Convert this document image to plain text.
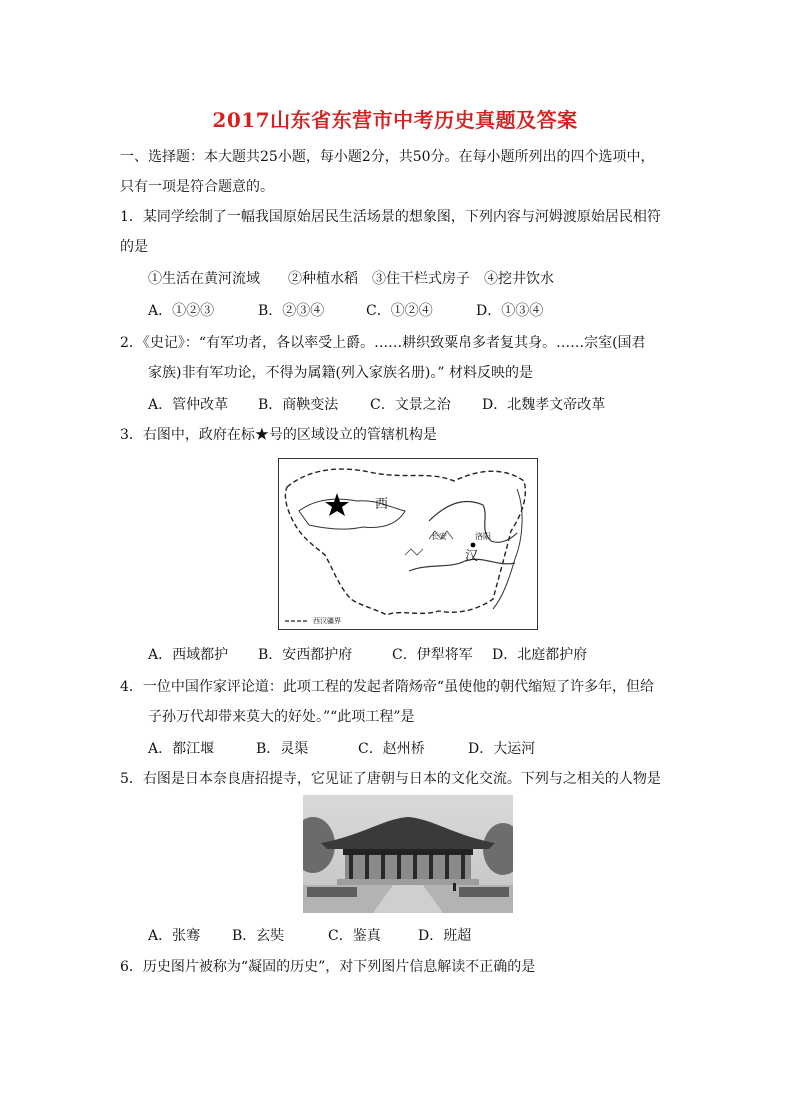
2017山东省东营市中考历史真题及答案
一、选择题：本大题共25小题，每小题2分，共50分。在每小题所列出的四个选项中，
只有一项是符合题意的。
1．某同学绘制了一幅我国原始居民生活场景的想象图，下列内容与河姆渡原始居民相符
的是
①生活在黄河流域　　②种植水稻　③住干栏式房子　④挖井饮水
A．①②③	B．②③④	C．①②④	D．①③④
2．《史记》：“有军功者，各以率受上爵。……耕织致粟帛多者复其身。……宗室(国君
家族)非有军功论，不得为属籍(列入家族名册)。” 材料反映的是
A．管仲改革 B．商鞅变法 C．文景之治 D．北魏孝文帝改革
3．右图中，政府在标★号的区域设立的管辖机构是
西
汉
长安	洛阳
西汉疆界
A．西域都护 B．安西都护府	C．伊犁将军 D．北庭都护府
4．一位中国作家评论道：此项工程的发起者隋炀帝“虽使他的朝代缩短了许多年，但给
子孙万代却带来莫大的好处。”“此项工程”是
A．都江堰	B．灵渠	C．赵州桥	D．大运河
5．右图是日本奈良唐招提寺，它见证了唐朝与日本的文化交流。下列与之相关的人物是
A．张骞 B．玄奘	C．鉴真	D．班超
6．历史图片被称为“凝固的历史”，对下列图片信息解读不正确的是
